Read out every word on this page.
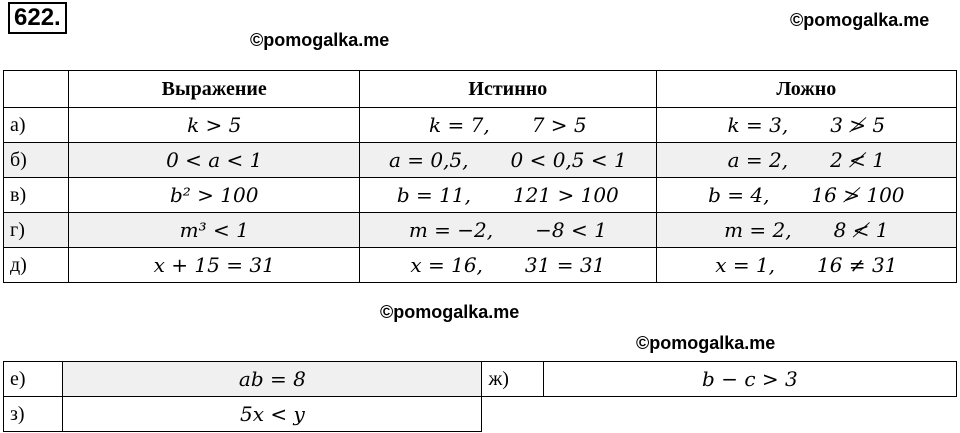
622.	©pomogalka.me
©pomogalka.me
	Выражение	Истинно	Ложно
а)	k > 5	k = 7, 7 > 5	k = 3, 3 ≯ 5

б)	0 < a < 1	a = 0,5, 0 < 0,5 < 1	a = 2, 2 ≮ 1

в)	b² > 100	b = 11, 121 > 100	b = 4, 16 ≯ 100

г)	m³ < 1	m = −2, −8 < 1	m = 2, 8 ≮ 1

д)	x + 15 = 31	x = 16, 31 = 31	x = 1, 16 ≠ 31
©pomogalka.me
©pomogalka.me
е)	ab = 8	ж)	b − c > 3
з)	5x < y		
